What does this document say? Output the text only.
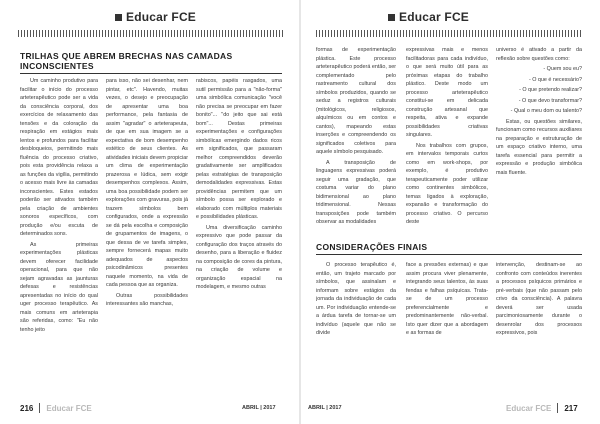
Educar FCE
TRILHAS QUE ABREM BRECHAS NAS CAMADAS INCONSCIENTES

Um caminho produtivo para facilitar o início do processo arteterapêutico pode ser a vida da consciência corporal, dos exercícios de relaxamento das tensões e da coloração da respiração em estágios mais lentos e profundos para facilitar desbloqueios, permitindo mais fluência do processo criativo, pois esta providência relaxa a as funções da vigília, permitindo o acesso mais livre às camadas inconscientes. Estes estados poderão ser ativados também pela criação de ambientes sonoros específicos, com produção e/ou escuta de determinados sons.

As primeiras experimentações plásticas devem oferecer facilidade operacional, para que não sejam agravadas as jaunturas defesas e resistências apresentadas no início do qual uger processo terapêutico. As mais comuns em arteterapia são referidas, como: "Eu não tenho jeito

para isso, não sei desenhar, nem pintar, etc". Havendo, muitas vezes, o desejo e preocupação de apresentar uma boa performance, pela fantasia de assim "agradar" o arteterapeuta, de que em sua imagem se a expectativa de bom desempenho estético de seus clientes. As atividades iniciais devem propiciar um clima de experimentação prazerosa e lúdica, sem exigir desempenhos complexos. Assim, uma boa possibilidade podem ser explorações com gravuras, pois já trazem símbolos bem configurados, onde a expressão se dá pela escolha e composição de grupamentos de imagens, o que dessa de ve tarefa simples, sempre fornecerá mapas muito adequados de aspectos psicodinâmicos presentes naquele momento, na vida de cada pessoa que as organiza.

Outras possibilidades interessantes são manchas,

rabiscos, papéis rasgados, uma sutil permissão para a "não-forma" uma simbólica comunicação "você não precisa se preocupar em fazer bonito"... "do jeito que sai está bom"... Destas primeiras experimentações e configurações simbólicas emergindo dados ricos em significados, que passaram melhor compreendidos deverão gradativamente ser amplificados pelas estratégias de transposição demodalidades expressivas. Estas providências permitem que um símbolo possa ser explorado e elaborado com múltiplos materiais e possibilidades plásticas.

Uma diversificação caminho expressivo que pode passar da configuração dos traços através do desenho, para a liberação e fluidez na composição de cores da pintura, na criação de volume e organização espacial na modelagem, e mesmo outras

216 Educar FCE	ABRIL | 2017
Educar FCE

formas de experimentação plástica. Este processo arteterapêutico poderá então, ser complementado pelo rastreamento cultural dos símbolos produzidos, quando se seduz a registros culturais (mitológicos, religiosos, alquímicos ou em contos e cantos), mapeando estas inserções e compreendendo os significados coletivos para aquele símbolo pesquisado.

A transposição de linguagens expressivas poderá seguir uma gradação, que costuma variar do plano bidimensional ao plano tridimensional. Nessas transposições pode também observar as modalidades

expressivas mais e menos facilitadoras para cada indivíduo, o que será muito útil para as próximas etapas do trabalho plástico. Deste modo um processo arteterapêutico constitui-se em delicada construção artesanal que respeita, ativa e expande possibilidades criativas singulares.

Nos trabalhos com grupos, em intervalos temporais curtos como em work-shops, por exemplo, é produtivo terapeuticamente poder utilizar como continentes simbólicos, temas ligados à exploração, expansão e transformação do processo criativo. O percurso deste

universo é ativado a partir da reflexão sobre questões como:

- Quem sou eu?

- O que é necessário?

- O que pretendo realizar?

- O que devo transformar?

- Qual o meu dom ou talento?

Estas, ou questões similares, funcionam como recursos auxiliares na preparação e estruturação de um espaço criativo interno, uma tarefa essencial para permitir a expressão e produção simbólica mais fluente.

CONSIDERAÇÕES FINAIS

O processo terapêutico é, então, um trajeto marcado por símbolos, que assinalam e informam sobre estágios da jornada da individuação de cada um. Por individuação entende-se a árdua tarefa de tornar-se um indivíduo (aquele que não se divide

face a pressões externas) e que assim procura viver plenamente, integrando seus talentos, às suas fendas e falhas psíquicas. Trata-se de um processo preferencialmente e predominantemente não-verbal. Isto quer dizer que a abordagem e as formas de

intervenção, destinam-se ao confronto com conteúdos inerentes a processos psíquicos primários e pré-verbais (que não passam pelo crivo da consciência). A palavra deverá ser usada parcimoniosamente durante o desenrolar dos processos expressivos, pois

ABRIL | 2017	Educar FCE 217
